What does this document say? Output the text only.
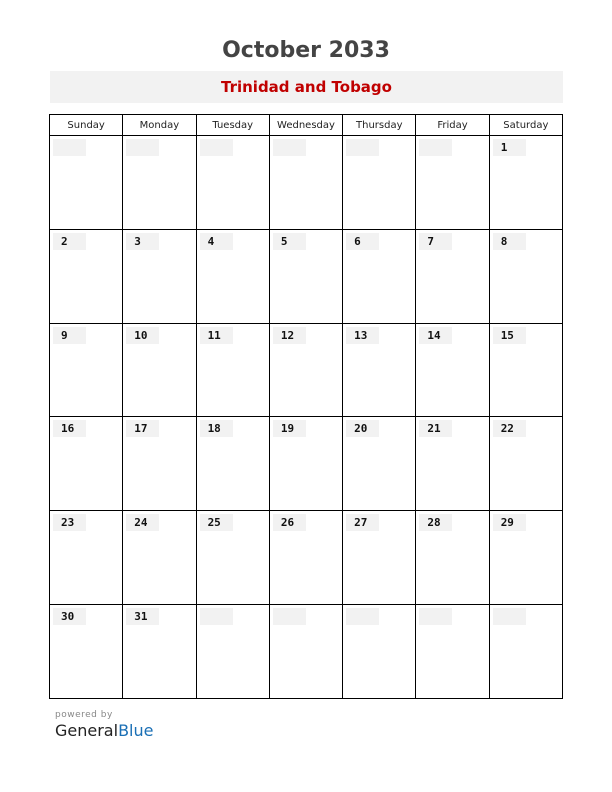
October 2033
Trinidad and Tobago
Sunday	Monday	Tuesday	Wednesday	Thursday	Friday	Saturday

						1

2	3	4	5	6	7	8

9	10	11	12	13	14	15

16	17	18	19	20	21	22

23	24	25	26	27	28	29

30	31					

powered by
GeneralBlue
